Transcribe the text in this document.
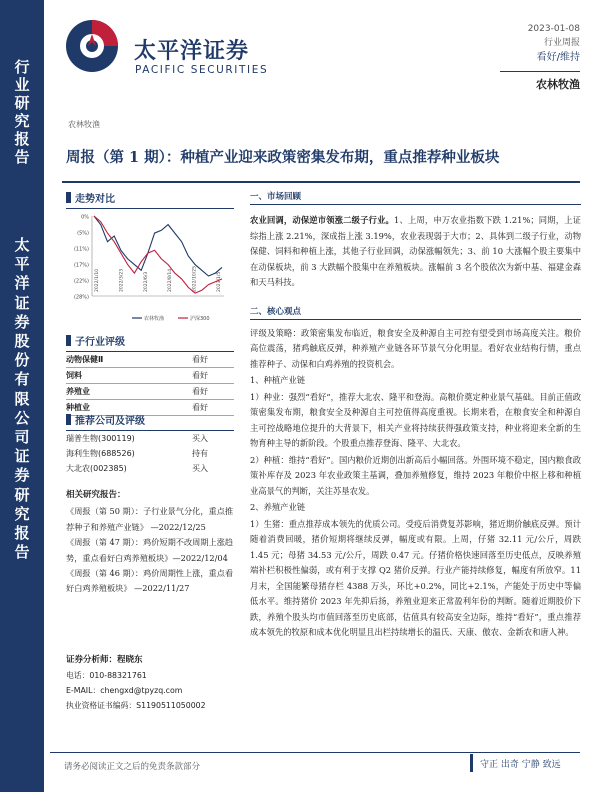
行
业
研
究
报
告
太
平
洋
证
券
股
份
有
限
公
司
证
券
研
究
报
告
太平洋证券
PACIFIC SECURITIES
2023-01-08
行业周报
看好/维持
农林牧渔
农林牧渔
周报（第 1 期）：种植产业迎来政策密集发布期，重点推荐种业板块
走势对比
0%
(5%)
(11%)
(17%)
(22%)
(28%)
2022/1/10	2022/3/23	2022/6/3	2022/8/14	2022/10/25	2023/1/5
农林牧渔	沪深300
子行业评级
动物保健Ⅱ	看好
饲料	看好
养殖业	看好
种植业	看好
推荐公司及评级
瑞普生物(300119)	买入
海利生物(688526)	持有
大北农(002385)	买入
相关研究报告：
《周报（第 50 期）：子行业景气分化，重点推荐种子和养殖产业链》 —2022/12/25
《周报（第 47 期）：鸡价短期不改周期上涨趋势，重点看好白鸡养殖板块》—2022/12/04
《周报（第 46 期）：鸡价周期性上涨，重点看好白鸡养殖板块》 —2022/11/27
证券分析师：程晓东
电话：010-88321761
E-MAIL：chengxd@tpyzq.com
执业资格证书编码：S1190511050002
一、市场回顾
农业回调，动保逆市领涨二级子行业。1、上周，申万农业指数下跌 1.21%；同期，上证综指上涨 2.21%，深成指上涨 3.19%，农业表现弱于大市；2、具体到二级子行业，动物保健、饲料和种植上涨，其他子行业回调，动保涨幅领先；3、前 10 大涨幅个股主要集中在动保板块，前 3 大跌幅个股集中在养殖板块。涨幅前 3 名个股依次为新中基、福建金森和天马科技。
二、核心观点
评级及策略：政策密集发布临近，粮食安全及种源自主可控有望受到市场高度关注。粮价高位震荡，猪鸡触底反弹，种养殖产业链各环节景气分化明显。看好农业结构行情，重点推荐种子、动保和白鸡养殖的投资机会。
1、种植产业链
1）种业：强烈“看好”，推荐大北农、隆平和登海。高粮价奠定种业景气基础。目前正值政策密集发布期，粮食安全及种源自主可控值得高度重视。长期来看，在粮食安全和种源自主可控战略地位提升的大背景下，相关产业将持续获得强政策支持，种业将迎来全新的生物育种主导的新阶段。个股重点推荐登海、隆平、大北农。
2）种植：维持“看好”。国内粮价近期创出新高后小幅回落。外围环境不稳定，国内粮食政策补库存及 2023 年农业政策主基调，叠加养殖修复，维持 2023 年粮价中枢上移和种植业高景气的判断，关注苏垦农发。
2、养殖产业链
1）生猪：重点推荐成本领先的优质公司。受疫后消费复苏影响，猪近期价触底反弹。预计随着消费回暖，猪价短期将继续反弹，幅度或有限。上周，仔猪 32.11 元/公斤，周跌 1.45 元；母猪 34.53 元/公斤，周跌 0.47 元。仔猪价格快速回落至历史低点，反映养殖端补栏积极性偏弱，或有利于支撑 Q2 猪价反弹。行业产能持续修复，幅度有所放窄。11 月末，全国能繁母猪存栏 4388 万头，环比+0.2%，同比+2.1%，产能处于历史中等偏低水平。维持猪价 2023 年先抑后扬，养殖业迎来正常盈利年份的判断。随着近期股价下跌，养殖个股头均市值回落至历史底部，估值具有较高安全边际，维持“看好”，重点推荐成本领先的牧原和成本优化明显且出栏持续增长的温氏、天康、傲农、金新农和唐人神。
请务必阅读正文之后的免责条款部分	守正 出奇 宁静 致远
